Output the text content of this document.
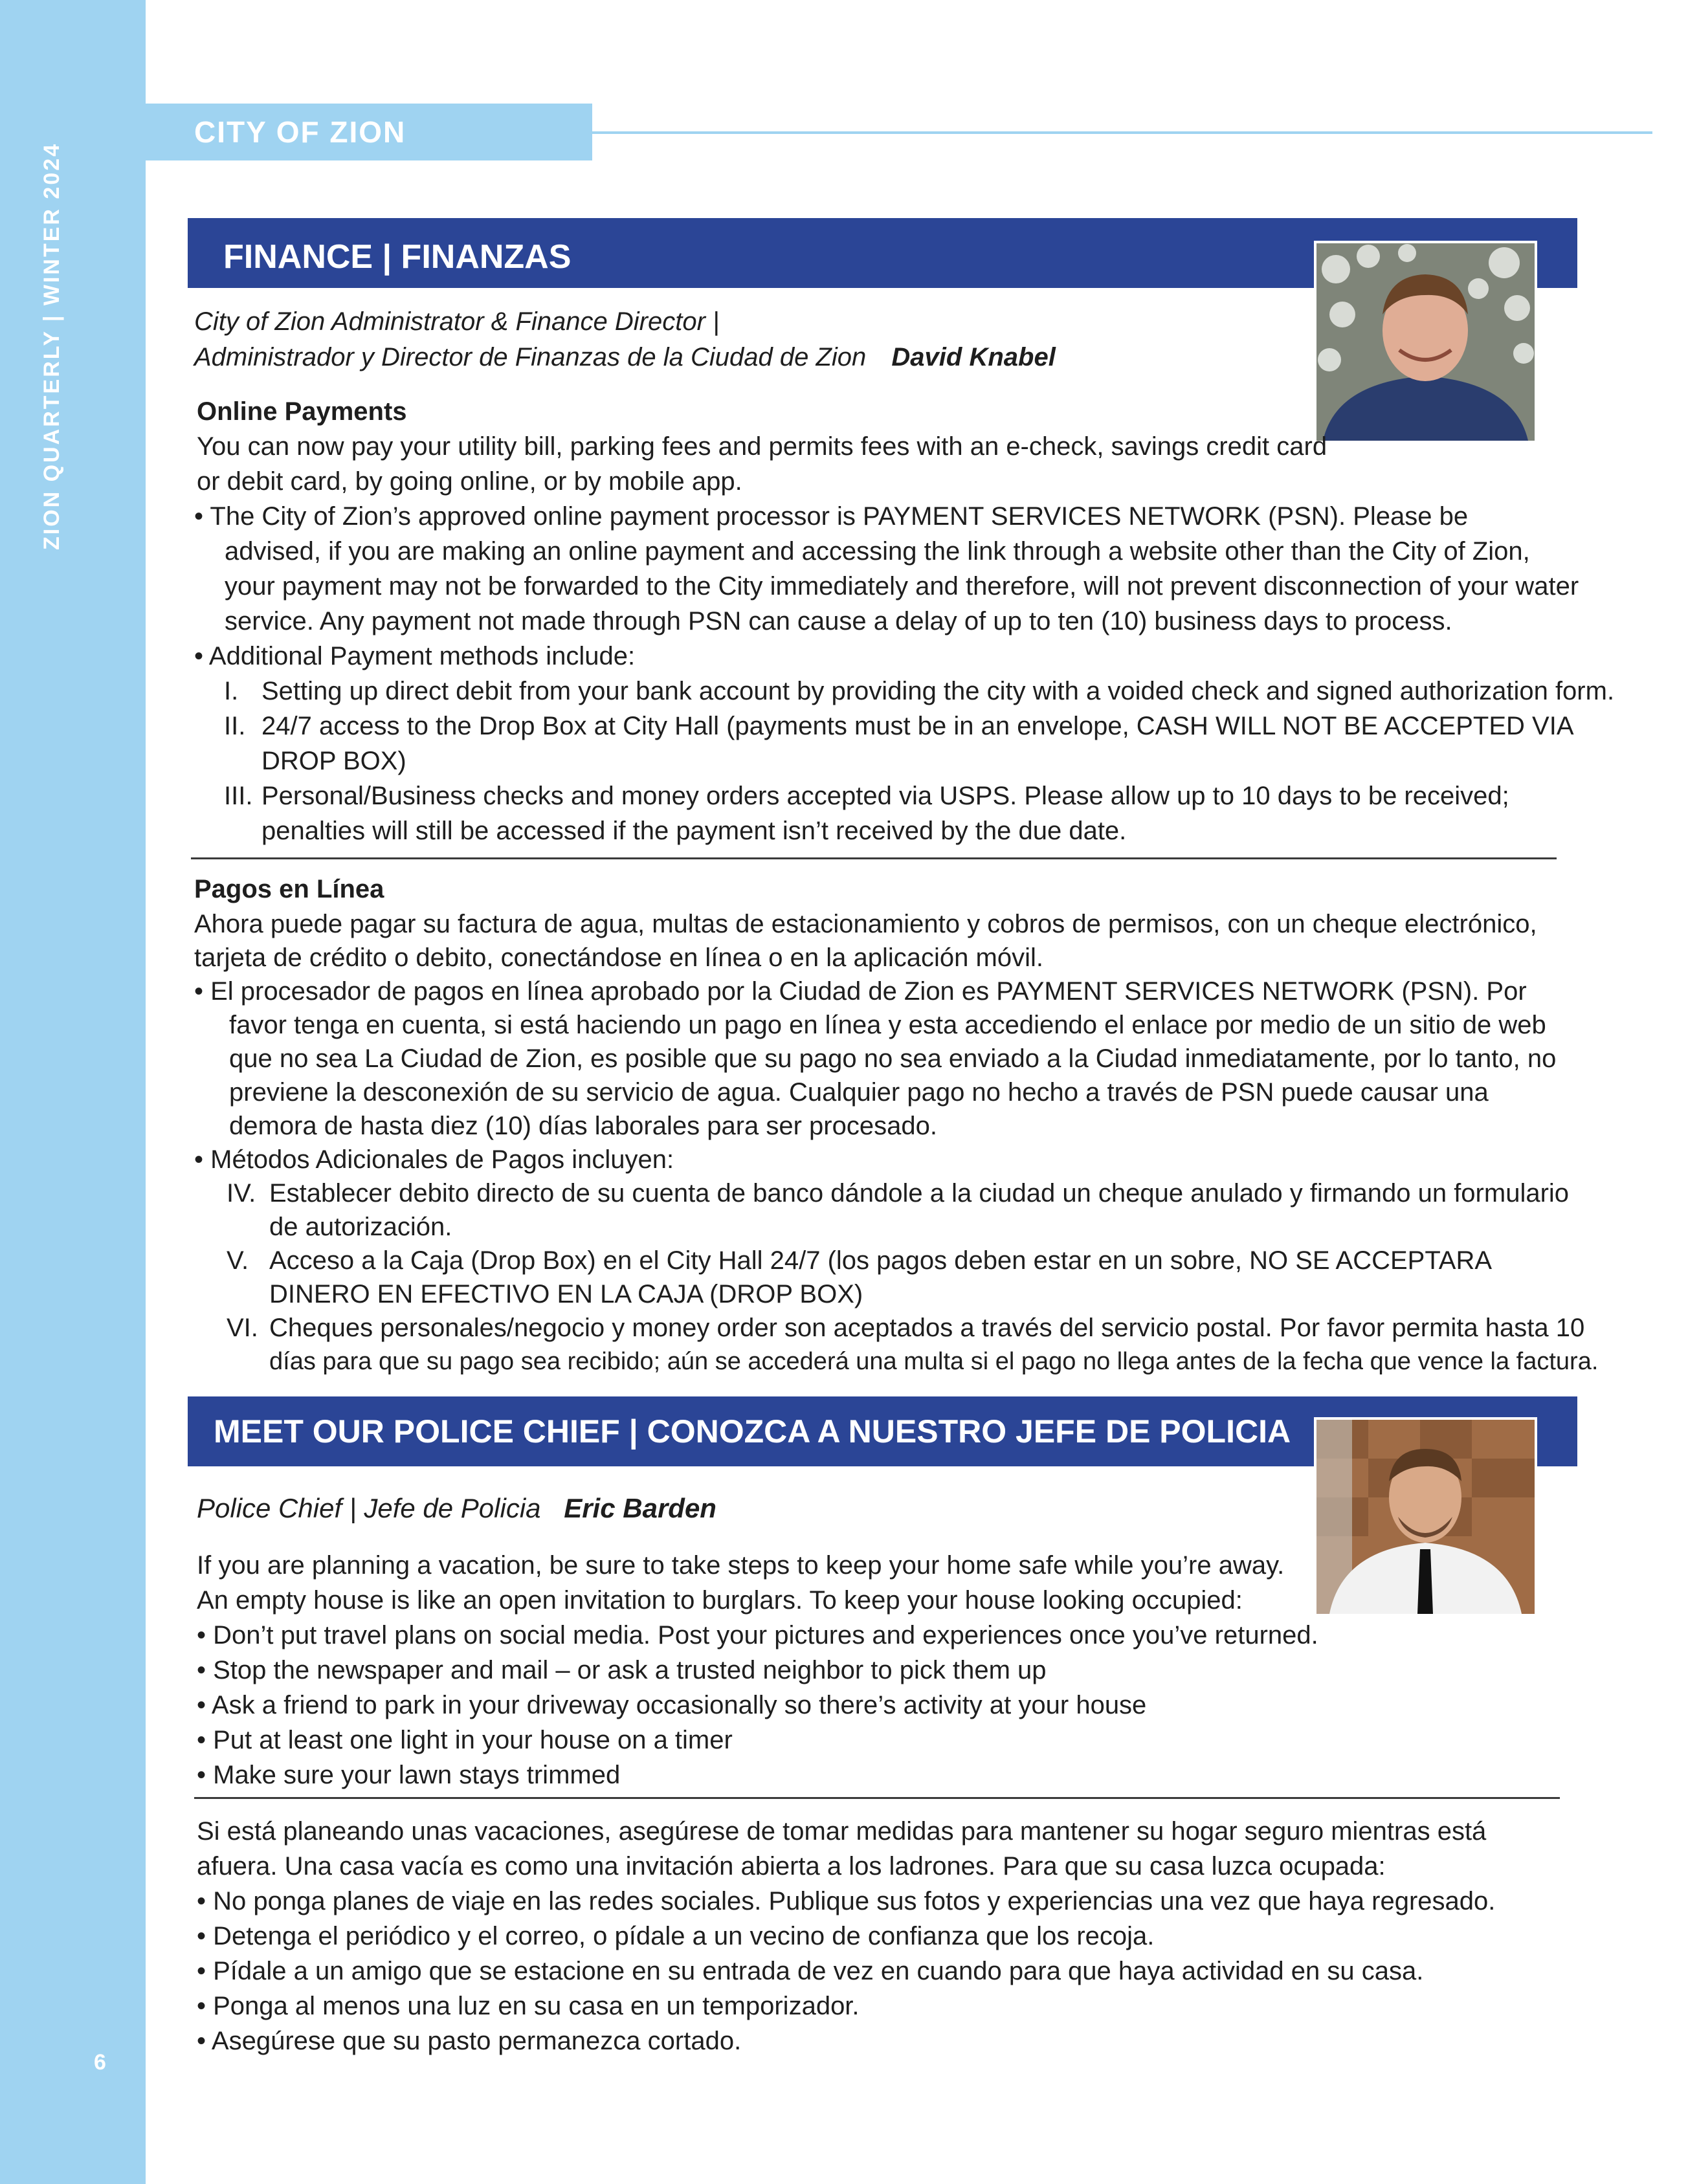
ZION QUARTERLY | WINTER 2024
6
CITY OF ZION
FINANCE | FINANZAS
City of Zion Administrator & Finance Director |
Administrador y Director de Finanzas de la Ciudad de Zion David Knabel
Online Payments
You can now pay your utility bill, parking fees and permits fees with an e-check, savings credit card
or debit card, by going online, or by mobile app.
• The City of Zion’s approved online payment processor is PAYMENT SERVICES NETWORK (PSN). Please be
advised, if you are making an online payment and accessing the link through a website other than the City of Zion,
your payment may not be forwarded to the City immediately and therefore, will not prevent disconnection of your water
service. Any payment not made through PSN can cause a delay of up to ten (10) business days to process.
• Additional Payment methods include:
I. Setting up direct debit from your bank account by providing the city with a voided check and signed authorization form.
II. 24/7 access to the Drop Box at City Hall (payments must be in an envelope, CASH WILL NOT BE ACCEPTED VIA
DROP BOX)
III. Personal/Business checks and money orders accepted via USPS. Please allow up to 10 days to be received;
penalties will still be accessed if the payment isn’t received by the due date.
Pagos en Línea
Ahora puede pagar su factura de agua, multas de estacionamiento y cobros de permisos, con un cheque electrónico,
tarjeta de crédito o debito, conectándose en línea o en la aplicación móvil.
• El procesador de pagos en línea aprobado por la Ciudad de Zion es PAYMENT SERVICES NETWORK (PSN). Por
favor tenga en cuenta, si está haciendo un pago en línea y esta accediendo el enlace por medio de un sitio de web
que no sea La Ciudad de Zion, es posible que su pago no sea enviado a la Ciudad inmediatamente, por lo tanto, no
previene la desconexión de su servicio de agua. Cualquier pago no hecho a través de PSN puede causar una
demora de hasta diez (10) días laborales para ser procesado.
• Métodos Adicionales de Pagos incluyen:
IV. Establecer debito directo de su cuenta de banco dándole a la ciudad un cheque anulado y firmando un formulario
de autorización.
V. Acceso a la Caja (Drop Box) en el City Hall 24/7 (los pagos deben estar en un sobre, NO SE ACCEPTARA
DINERO EN EFECTIVO EN LA CAJA (DROP BOX)
VI. Cheques personales/negocio y money order son aceptados a través del servicio postal. Por favor permita hasta 10
días para que su pago sea recibido; aún se accederá una multa si el pago no llega antes de la fecha que vence la factura.
MEET OUR POLICE CHIEF | CONOZCA A NUESTRO JEFE DE POLICIA
Police Chief | Jefe de Policia Eric Barden
If you are planning a vacation, be sure to take steps to keep your home safe while you’re away.
An empty house is like an open invitation to burglars. To keep your house looking occupied:
• Don’t put travel plans on social media. Post your pictures and experiences once you’ve returned.
• Stop the newspaper and mail – or ask a trusted neighbor to pick them up
• Ask a friend to park in your driveway occasionally so there’s activity at your house
• Put at least one light in your house on a timer
• Make sure your lawn stays trimmed
Si está planeando unas vacaciones, asegúrese de tomar medidas para mantener su hogar seguro mientras está
afuera. Una casa vacía es como una invitación abierta a los ladrones. Para que su casa luzca ocupada:
• No ponga planes de viaje en las redes sociales. Publique sus fotos y experiencias una vez que haya regresado.
• Detenga el periódico y el correo, o pídale a un vecino de confianza que los recoja.
• Pídale a un amigo que se estacione en su entrada de vez en cuando para que haya actividad en su casa.
• Ponga al menos una luz en su casa en un temporizador.
• Asegúrese que su pasto permanezca cortado.
